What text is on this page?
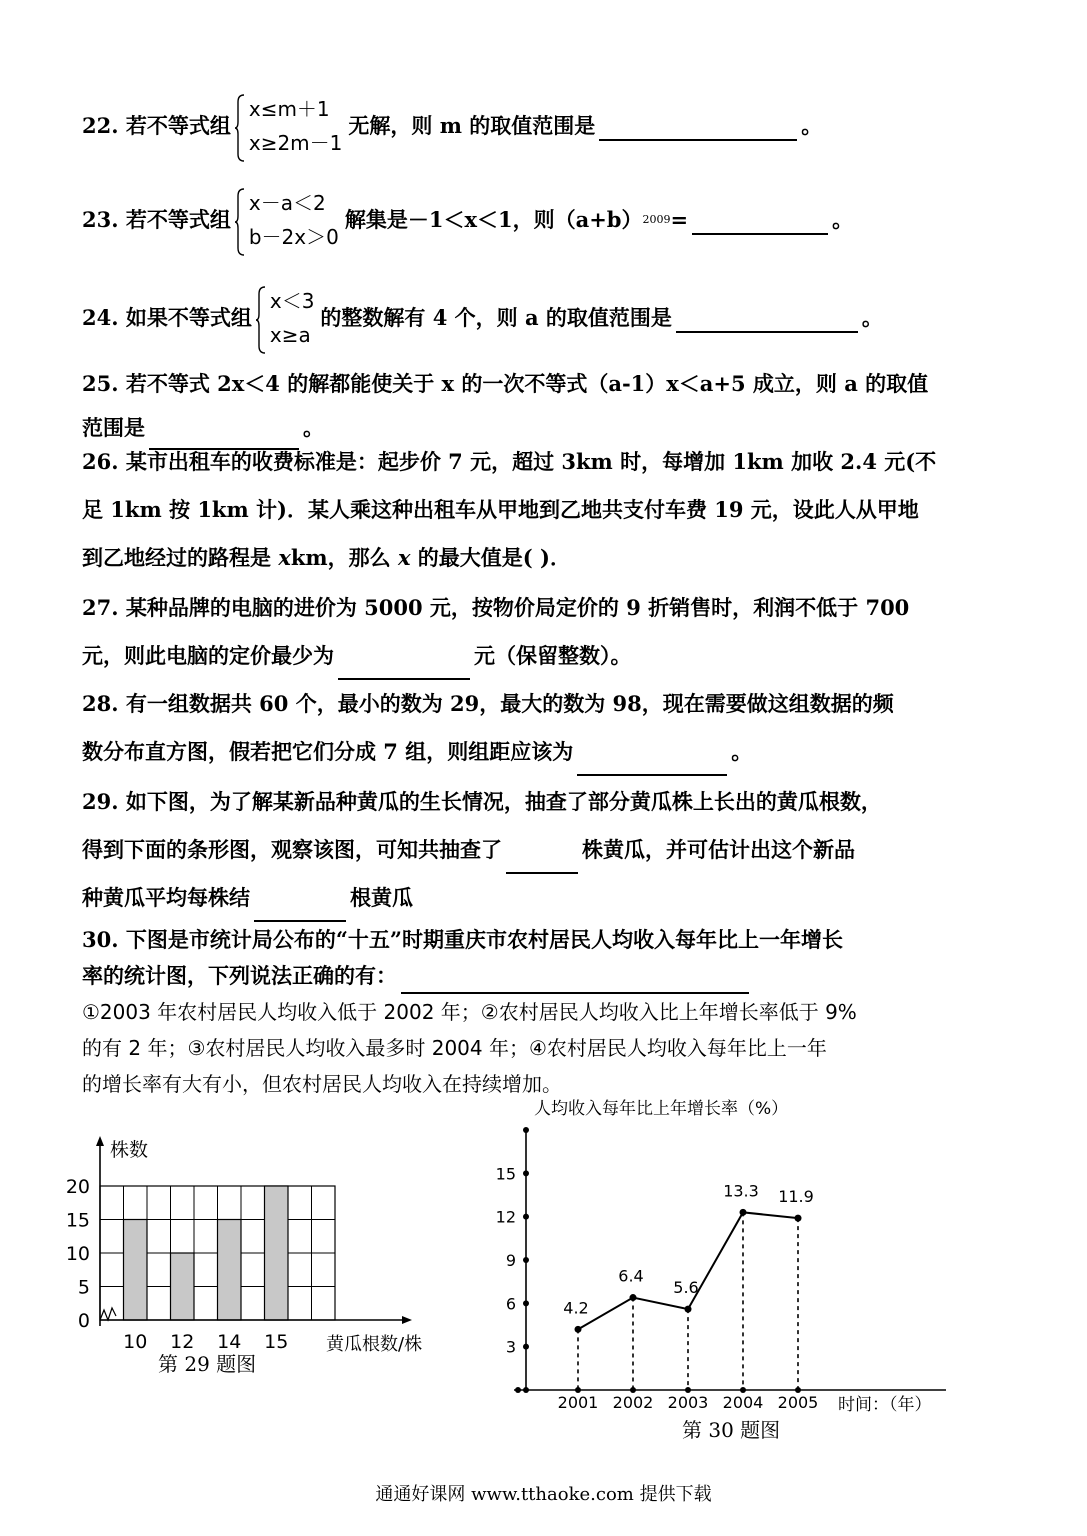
22. 若不等式组
x≤m＋1
x≥2m－1
无解，则 m 的取值范围是	。
23. 若不等式组
x－a＜2
b－2x＞0
解集是－1＜x＜1，则（a+b） 2009 =	。
24. 如果不等式组
x＜3
x≥a
的整数解有 4 个，则 a 的取值范围是	。
25. 若不等式 2x＜4 的解都能使关于 x 的一次不等式（a-1）x＜a+5 成立，则 a 的取值
范围是	。
26. 某市出租车的收费标准是：起步价 7 元，超过 3km 时，每增加 1km 加收 2.4 元(不
足 1km 按 1km 计)．某人乘这种出租车从甲地到乙地共支付车费 19 元，设此人从甲地
到乙地经过的路程是 xkm，那么 x 的最大值是( )．
27. 某种品牌的电脑的进价为 5000 元，按物价局定价的 9 折销售时，利润不低于 700
元，则此电脑的定价最少为	元（保留整数）。
28. 有一组数据共 60 个，最小的数为 29，最大的数为 98，现在需要做这组数据的频
数分布直方图，假若把它们分成 7 组，则组距应该为	。
29. 如下图，为了解某新品种黄瓜的生长情况，抽查了部分黄瓜株上长出的黄瓜根数，
得到下面的条形图，观察该图，可知共抽查了	株黄瓜，并可估计出这个新品
种黄瓜平均每株结	根黄瓜
30. 下图是市统计局公布的“十五”时期重庆市农村居民人均收入每年比上一年增长
率的统计图，下列说法正确的有：
①2003 年农村居民人均收入低于 2002 年；②农村居民人均收入比上年增长率低于 9%
的有 2 年；③农村居民人均收入最多时 2004 年；④农村居民人均收入每年比上一年
的增长率有大有小，但农村居民人均收入在持续增加。
0
5
10
15
20
10 12 14 15
株数
黄瓜根数/株
第 29 题图
3
6
9
12
15
2001
4.2
2002
6.4
2003
5.6
2004
13.3
2005
11.9
人均收入每年比上年增长率（%）
时间：（年）
第 30 题图
通通好课网 www.tthaoke.com 提供下载
